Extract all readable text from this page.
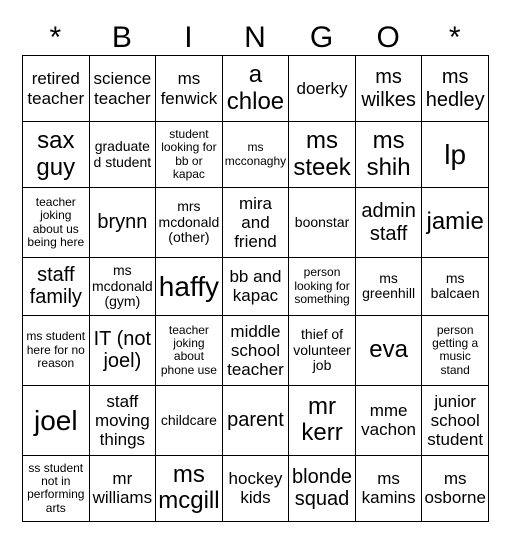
*	B	I	N	G	O	*
retired teacher	science teacher	ms fenwick	a chloe	doerky	ms wilkes	ms hedley
sax guy	graduated student	student looking for bb or kapac	ms mcconaghy	ms steek	ms shih	lp
teacher joking about us being here	brynn	mrs mcdonald (other)	mira and friend	boonstar	admin staff	jamie
staff family	ms mcdonald (gym)	haffy	bb and kapac	person looking for something	ms greenhill	ms balcaen
ms student here for no reason	IT (not joel)	teacher joking about phone use	middle school teacher	thief of volunteer job	eva	person getting a music stand
joel	staff moving things	childcare	parent	mr kerr	mme vachon	junior school student
ss student not in performing arts	mr williams	ms mcgill	hockey kids	blonde squad	ms kamins	ms osborne
